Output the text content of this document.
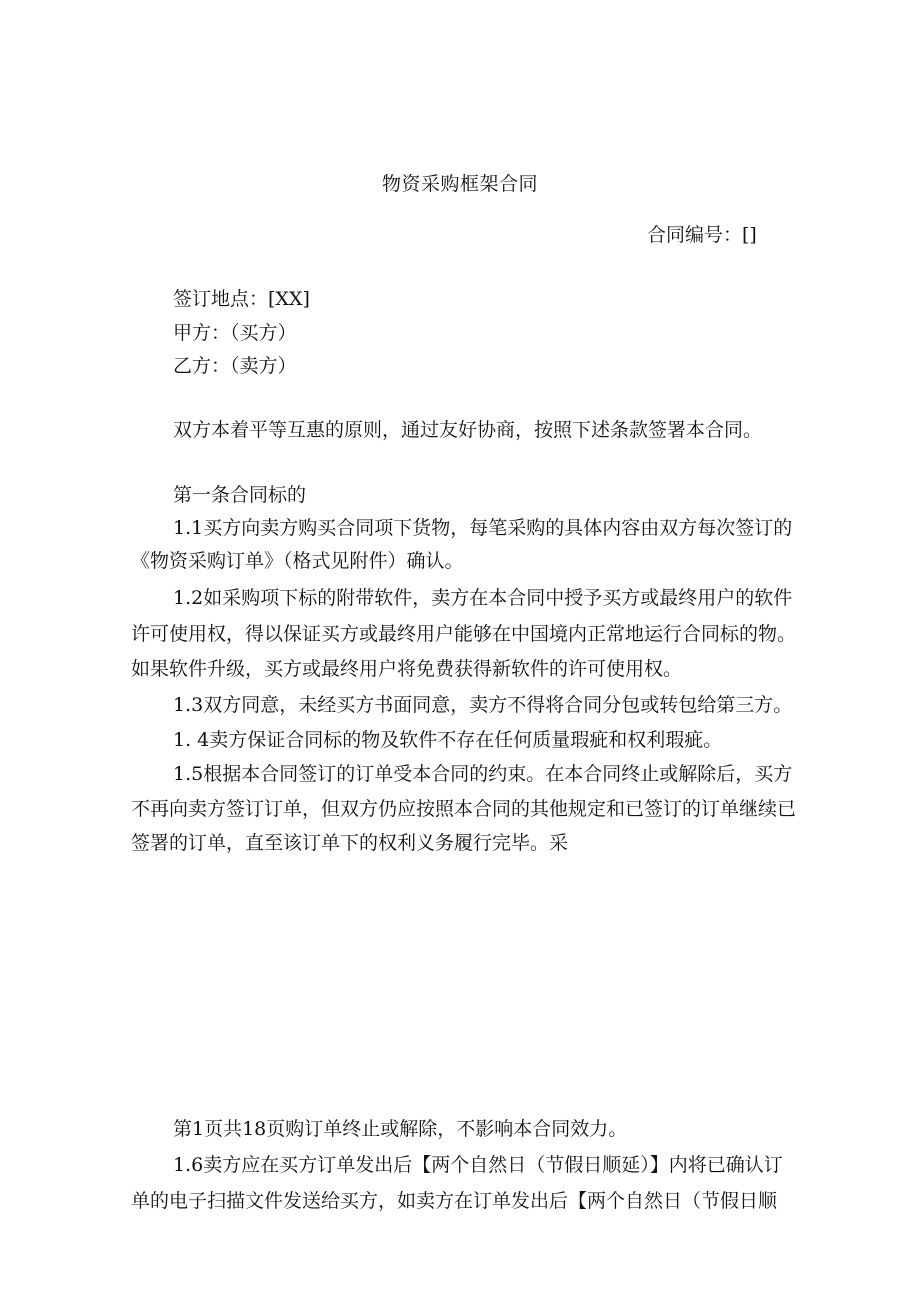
物资采购框架合同
合同编号：[]
签订地点：[XX]
甲方：（买方）
乙方：（卖方）
双方本着平等互惠的原则，通过友好协商，按照下述条款签署本合同。
第一条合同标的
1.1买方向卖方购买合同项下货物，每笔采购的具体内容由双方每次签订的
《物资采购订单》（格式见附件）确认。
1.2如采购项下标的附带软件，卖方在本合同中授予买方或最终用户的软件
许可使用权，得以保证买方或最终用户能够在中国境内正常地运行合同标的物。
如果软件升级，买方或最终用户将免费获得新软件的许可使用权。
1.3双方同意，未经买方书面同意，卖方不得将合同分包或转包给第三方。
1. 4卖方保证合同标的物及软件不存在任何质量瑕疵和权利瑕疵。
1.5根据本合同签订的订单受本合同的约束。在本合同终止或解除后，买方
不再向卖方签订订单，但双方仍应按照本合同的其他规定和已签订的订单继续已
签署的订单，直至该订单下的权利义务履行完毕。采
第1页共18页购订单终止或解除，不影响本合同效力。
1.6卖方应在买方订单发出后【两个自然日（节假日顺延）】内将已确认订
单的电子扫描文件发送给买方，如卖方在订单发出后【两个自然日（节假日顺
